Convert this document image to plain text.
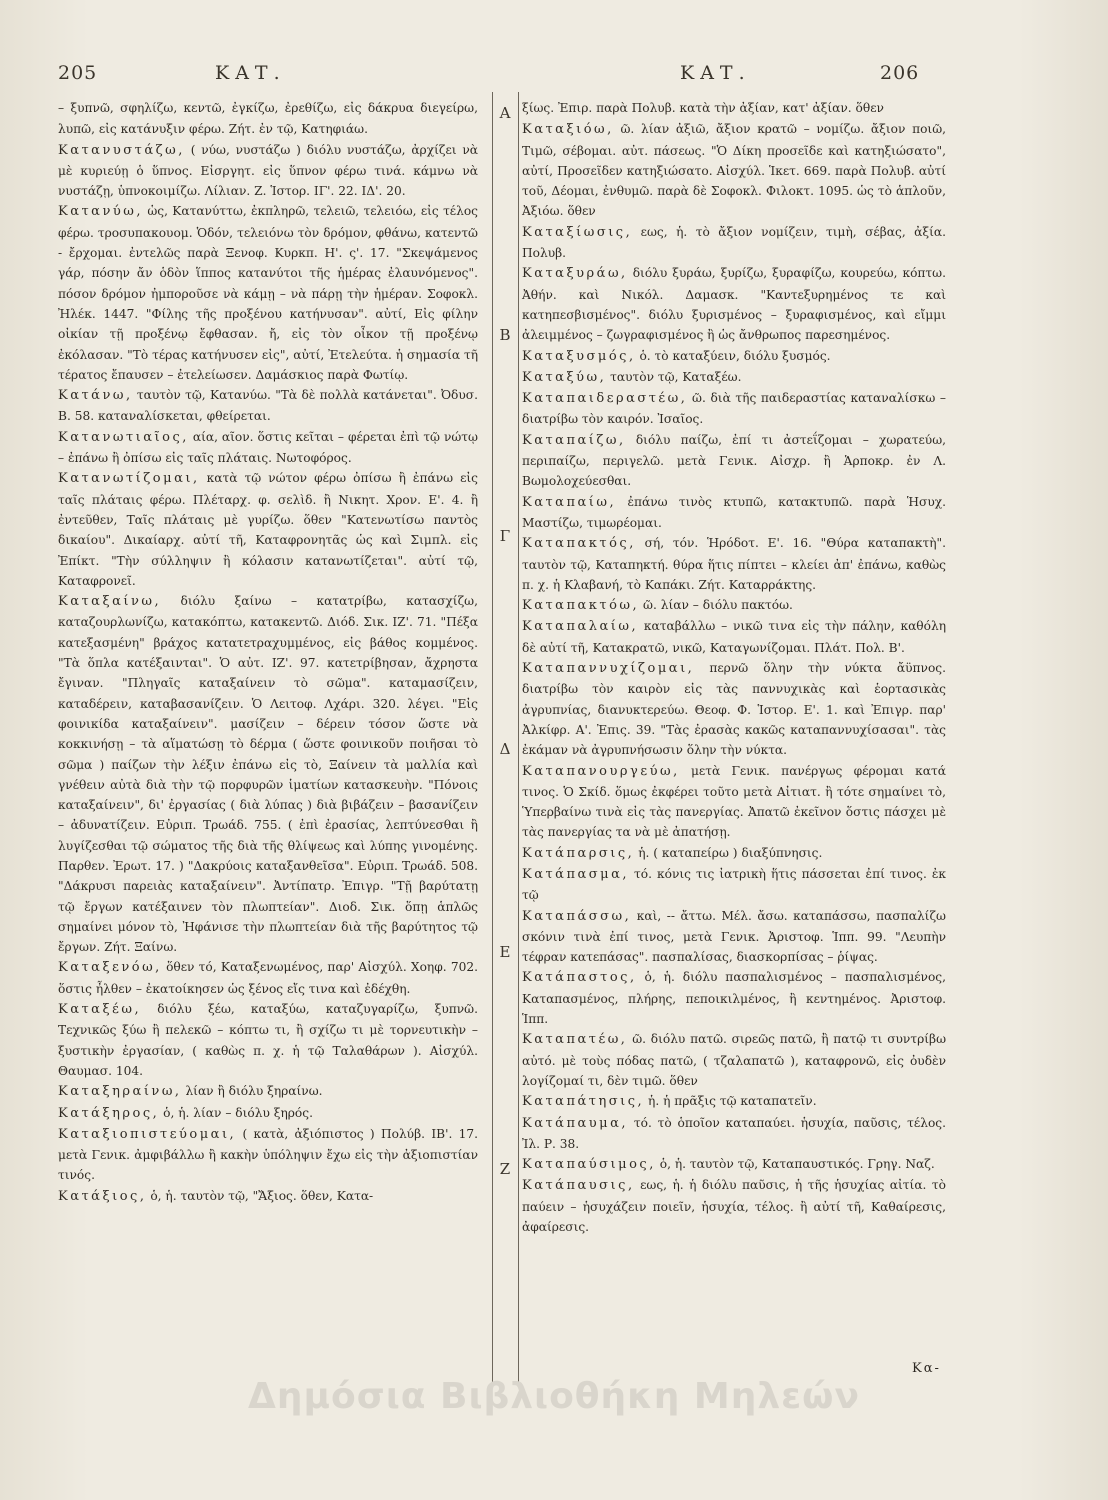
205	ΚΑΤ.	ΚΑΤ.	206
Α
Β
Γ
Δ
Ε
Ζ

– ξυπνῶ, σφηλίζω, κεντῶ, ἐγκίζω, ἐρεθίζω, εἰς δάκρυα διεγείρω, λυπῶ, εἰς κατάνυξιν φέρω. Ζήτ. ἐν τῷ, Κατηφιάω.

Κατανυστάζω, ( νύω, νυστάζω ) διόλυ νυστάζω, ἀρχίζει νὰ μὲ κυριεύῃ ὁ ὕπνος. Εἰσργητ. εἰς ὕπνον φέρω τινά. κάμνω νὰ νυστάζῃ, ὑπνοκοιμίζω. Λίλιαν. Ζ. Ἱστορ. ΙΓ'. 22. ΙΔ'. 20.

Κατανύω, ὡς, Κατανύττω, ἐκπληρῶ, τελειῶ, τελειόω, εἰς τέλος φέρω. τροσυπακουομ. Ὁδόν, τελειόνω τὸν δρόμον, φθάνω, κατεντῶ - ἔρχομαι. ἐντελῶς παρὰ Ξενοφ. Κυρκπ. Η'. ς'. 17. "Σκεψάμενος γάρ, πόσην ἄν ὁδὸν ἵππος κατανύτοι τῆς ἡμέρας ἐλαυνόμενος". πόσον δρόμον ἠμποροῦσε νὰ κάμῃ – νὰ πάρῃ τὴν ἡμέραν. Σοφοκλ. Ἠλέκ. 1447. "Φίλης τῆς προξένου κατήνυσαν". αὐτί, Εἰς φίλην οἰκίαν τῇ προξένῳ ἔφθασαν. ἤ, εἰς τὸν οἶκον τῇ προξένῳ ἐκόλασαν. "Τὸ τέρας κατήνυσεν εἰς", αὐτί, Ἐτελεύτα. ἡ σημασία τῆ τέρατος ἔπαυσεν – ἐτελείωσεν. Δαμάσκιος παρὰ Φωτίῳ.

Κατάνω, ταυτὸν τῷ, Κατανύω. "Τὰ δὲ πολλὰ κατάνεται". Ὀδυσ. Β. 58. καταναλίσκεται, φθείρεται.

Κατανωτιαῖος, αία, αῖον. ὅστις κεῖται – φέρεται ἐπὶ τῷ νώτῳ – ἐπάνω ἢ ὀπίσω εἰς ταῖς πλάταις. Νωτοφόρος.

Κατανωτίζομαι, κατὰ τῷ νώτον φέρω ὀπίσω ἢ ἐπάνω εἰς ταῖς πλάταις φέρω. Πλέταρχ. φ. σελὶδ. ἢ Νικητ. Χρον. Ε'. 4. ἢ ἐντεῦθεν, Ταῖς πλάταις μὲ γυρίζω. ὅθεν "Κατενωτίσω παντὸς δικαίου". Δικαίαρχ. αὐτί τῆ, Καταφρονητᾶς ὡς καὶ Σιμπλ. εἰς Ἐπίκτ. "Τὴν σύλληψιν ἢ κόλασιν κατανωτίζεται". αὐτί τῷ, Καταφρονεῖ.

Καταξαίνω, διόλυ ξαίνω – κατατρίβω, κατασχίζω, καταζουρλωνίζω, κατακόπτω, κατακεντῶ. Διόδ. Σικ. ΙΖ'. 71. "Πέξα κατεξασμένη" βράχος κατατετραχυμμένος, εἰς βάθος κομμένος. "Τὰ ὅπλα κατέξαινται". Ὁ αὐτ. ΙΖ'. 97. κατετρίβησαν, ἄχρηστα ἔγιναν. "Πληγαῖς καταξαίνειν τὸ σῶμα". καταμασίζειν, καταδέρειν, καταβασανίζειν. Ὁ Λειτοφ. Λχάρι. 320. λέγει. "Εἰς φοινικίδα καταξαίνειν". μασίζειν – δέρειν τόσον ὥστε νὰ κοκκινήσῃ – τὰ αἵματώσῃ τὸ δέρμα ( ὥστε φοινικοῦν ποιῆσαι τὸ σῶμα ) παίζων τὴν λέξιν ἐπάνω εἰς τὸ, Ξαίνειν τὰ μαλλία καὶ γνέθειν αὐτὰ διὰ τὴν τῷ πορφυρῶν ἱματίων κατασκευὴν. "Πόνοις καταξαίνειν", δι' ἐργασίας ( διὰ λύπας ) διὰ βιβάζειν – βασανίζειν – ἀδυνατίζειν. Εὐριπ. Τρωάδ. 755. ( ἐπὶ ἐρασίας, λεπτύνεσθαι ἢ λυγίζεσθαι τῷ σώματος τῆς διὰ τῆς θλίψεως καὶ λύπης γινομένης. Παρθεν. Ἐρωτ. 17. ) "Δακρύοις καταξανθεῖσα". Εὐριπ. Τρωάδ. 508. "Δάκρυσι παρειὰς καταξαίνειν". Ἀντίπατρ. Ἐπιγρ. "Τῇ βαρύτατῃ τῷ ἔργων κατέξαινεν τὸν πλωπτείαν". Διοδ. Σικ. ὅπῃ ἁπλῶς σημαίνει μόνον τὸ, Ἠφάνισε τὴν πλωπτείαν διὰ τῆς βαρύτητος τῷ ἔργων. Ζήτ. Ξαίνω.

Καταξενόω, ὅθεν τό, Καταξενωμένος, παρ' Αἰσχύλ. Χοηφ. 702. ὅστις ἦλθεν – ἐκατοίκησεν ὡς ξένος εἴς τινα καὶ ἐδέχθη.

Καταξέω, διόλυ ξέω, καταξύω, καταζυγαρίζω, ξυπνῶ. Τεχνικῶς ξύω ἢ πελεκῶ – κόπτω τι, ἢ σχίζω τι μὲ τορνευτικὴν – ξυστικὴν ἐργασίαν, ( καθὼς π. χ. ἡ τῷ Ταλαθάρων ). Αἰσχύλ. Θαυμασ. 104.

Καταξηραίνω, λίαν ἢ διόλυ ξηραίνω.

Κατάξηρος, ὁ, ἡ. λίαν – διόλυ ξηρός.

Καταξιοπιστεύομαι, ( κατὰ, ἀξιόπιστος ) Πολύβ. ΙΒ'. 17. μετὰ Γενικ. ἀμφιβάλλω ἢ κακὴν ὑπόληψιν ἔχω εἰς τὴν ἀξιοπιστίαν τινός.

Κατάξιος, ὁ, ἡ. ταυτὸν τῷ, "Ἄξιος. ὅθεν, Κατα-

ξίως. Ἐπιρ. παρὰ Πολυβ. κατὰ τὴν ἀξίαν, κατ' ἀξίαν. ὅθεν

Καταξιόω, ῶ. λίαν ἀξιῶ, ἄξιον κρατῶ – νομίζω. ἄξιον ποιῶ, Τιμῶ, σέβομαι. αὐτ. πάσεως. "Ὁ Δίκη προσεῖδε καὶ κατηξιώσατο", αὐτί, Προσεῖδεν κατηξιώσατο. Αἰσχύλ. Ἱκετ. 669. παρὰ Πολυβ. αὐτί τοῦ, Δέομαι, ἐνθυμῶ. παρὰ δὲ Σοφοκλ. Φιλοκτ. 1095. ὡς τὸ ἁπλοῦν, Ἀξιόω. ὅθεν

Καταξίωσις, εως, ἡ. τὸ ἄξιον νομίζειν, τιμὴ, σέβας, ἀξία. Πολυβ.

Καταξυράω, διόλυ ξυράω, ξυρίζω, ξυραφίζω, κουρεύω, κόπτω. Ἀθήν. καὶ Νικόλ. Δαμασκ. "Καντεξυρημένος τε καὶ κατηπεσβισμένος". διόλυ ξυρισμένος – ξυραφισμένος, καὶ εἴμμι ἀλειμμένος – ζωγραφισμένος ἢ ὡς ἄνθρωπος παρεσημένος.

Καταξυσμός, ὁ. τὸ καταξύειν, διόλυ ξυσμός.

Καταξύω, ταυτὸν τῷ, Καταξέω.

Καταπαιδεραστέω, ῶ. διὰ τῆς παιδεραστίας καταναλίσκω – διατρίβω τὸν καιρόν. Ἰσαῖος.

Καταπαίζω, διόλυ παίζω, ἐπί τι ἀστεΐζομαι – χωρατεύω, περιπαίζω, περιγελῶ. μετὰ Γενικ. Αἰσχρ. ἢ Ἁρποκρ. ἐν Λ. Βωμολοχεύεσθαι.

Καταπαίω, ἐπάνω τινὸς κτυπῶ, κατακτυπῶ. παρὰ Ἡσυχ. Μαστίζω, τιμωρέομαι.

Καταπακτός, σή, τόν. Ἡρόδοτ. Ε'. 16. "Θύρα καταπακτὴ". ταυτὸν τῷ, Καταπηκτή. θύρα ἥτις πίπτει – κλείει ἀπ' ἐπάνω, καθὼς π. χ. ἡ Κλαβανή, τὸ Καπάκι. Ζήτ. Καταρράκτης.

Καταπακτόω, ῶ. λίαν – διόλυ πακτόω.

Καταπαλαίω, καταβάλλω – νικῶ τινα εἰς τὴν πάλην, καθόλη δὲ αὐτί τῆ, Κατακρατῶ, νικῶ, Καταγωνίζομαι. Πλάτ. Πολ. Β'.

Καταπαννυχίζομαι, περνῶ ὅλην τὴν νύκτα ἄϋπνος. διατρίβω τὸν καιρὸν εἰς τὰς παννυχικὰς καὶ ἑορτασικὰς ἀγρυπνίας, διανυκτερεύω. Θεοφ. Φ. Ἱστορ. Ε'. 1. καὶ Ἐπιγρ. παρ' Ἀλκίφρ. Α'. Ἐπις. 39. "Τὰς ἐρασὰς κακῶς καταπαννυχίσασαι". τὰς ἐκάμαν νὰ ἀγρυπνήσωσιν ὅλην τὴν νύκτα.

Καταπανουργεύω, μετὰ Γενικ. πανέργως φέρομαι κατά τινος. Ὁ Σκίδ. ὅμως ἐκφέρει τοῦτο μετὰ Αἰτιατ. ἢ τότε σημαίνει τὸ, Ὑπερβαίνω τινὰ εἰς τὰς πανεργίας. Ἀπατῶ ἐκεῖνον ὅστις πάσχει μὲ τὰς πανεργίας τα νὰ μὲ ἀπατήσῃ.

Κατάπαρσις, ἡ. ( καταπείρω ) διαξύπνησις.

Κατάπασμα, τό. κόνις τις ἰατρικὴ ἥτις πάσσεται ἐπί τινος. ἐκ τῷ

Καταπάσσω, καὶ, -- ἄττω. Μέλ. ἄσω. καταπάσσω, πασπαλίζω σκόνιν τινὰ ἐπί τινος, μετὰ Γενικ. Ἀριστοφ. Ἱππ. 99. "Λευπὴν τέφραν κατεπάσας". πασπαλίσας, διασκορπίσας – ῥίψας.

Κατάπαστος, ὁ, ἡ. διόλυ πασπαλισμένος – πασπαλισμένος, Καταπασμένος, πλήρης, πεποικιλμένος, ἢ κεντημένος. Ἀριστοφ. Ἱππ.

Καταπατέω, ῶ. διόλυ πατῶ. σιρεῶς πατῶ, ἢ πατῷ τι συντρίβω αὐτό. μὲ τοὺς πόδας πατῶ, ( τζαλαπατῶ ), καταφρονῶ, εἰς ὀυδὲν λογίζομαί τι, δὲν τιμῶ. ὅθεν

Καταπάτησις, ἡ. ἡ πρᾶξις τῷ καταπατεῖν.

Κατάπαυμα, τό. τὸ ὁποῖον καταπαύει. ἡσυχία, παῦσις, τέλος. Ἰλ. Ρ. 38.

Καταπαύσιμος, ὁ, ἡ. ταυτὸν τῷ, Καταπαυστικός. Γρηγ. Ναζ.

Κατάπαυσις, εως, ἡ. ἡ διόλυ παῦσις, ἡ τῆς ἡσυχίας αἰτία. τὸ παύειν – ἡσυχάζειν ποιεῖν, ἡσυχία, τέλος. ἢ αὐτί τῆ, Καθαίρεσις, ἀφαίρεσις.

Κα-
Δημόσια Βιβλιοθήκη Μηλεών
